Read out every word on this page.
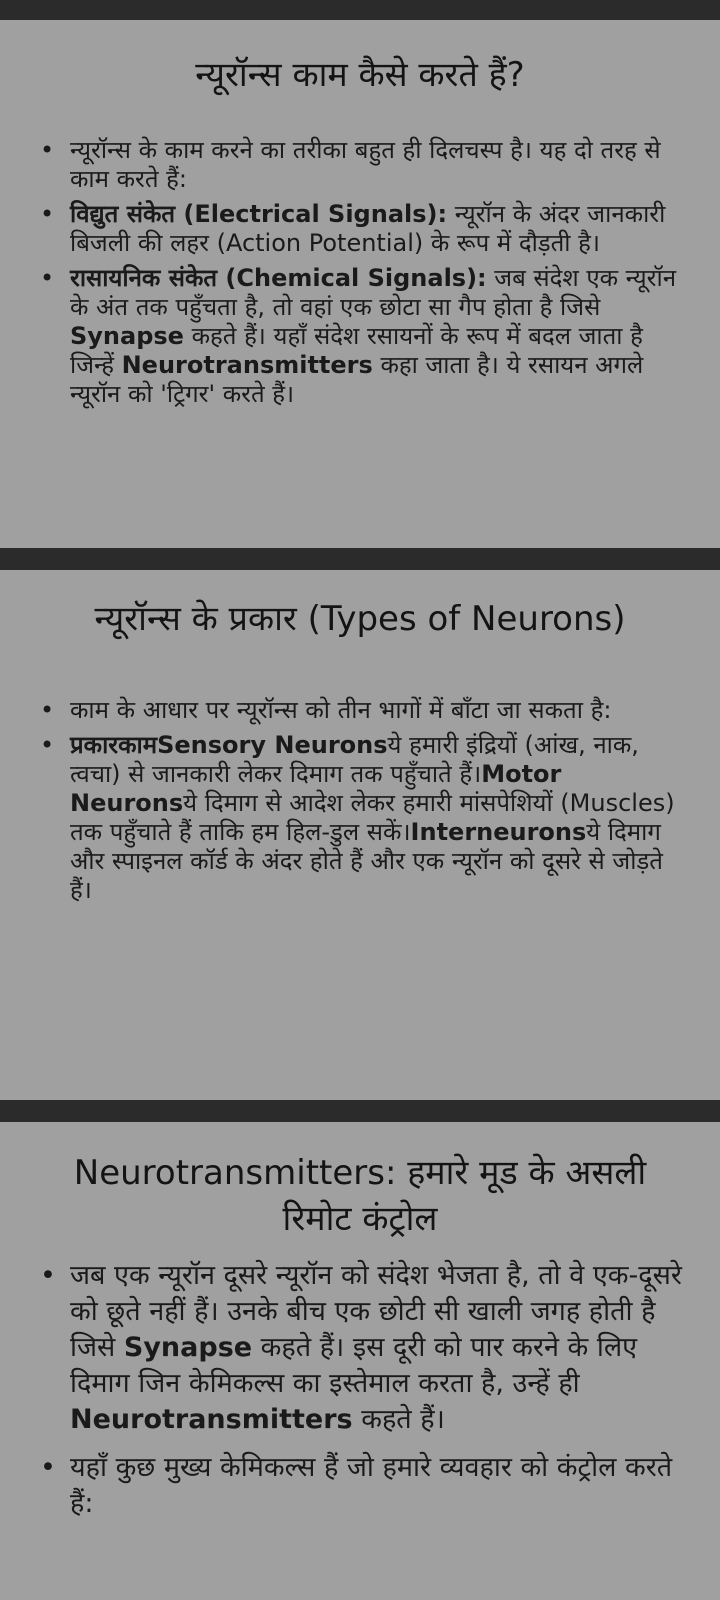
न्यूरॉन्स काम कैसे करते हैं?
• न्यूरॉन्स के काम करने का तरीका बहुत ही दिलचस्प है। यह दो तरह से काम करते हैं:
• विद्युत संकेत (Electrical Signals): न्यूरॉन के अंदर जानकारी बिजली की लहर (Action Potential) के रूप में दौड़ती है।
• रासायनिक संकेत (Chemical Signals): जब संदेश एक न्यूरॉन के अंत तक पहुँचता है, तो वहां एक छोटा सा गैप होता है जिसे Synapse कहते हैं। यहाँ संदेश रसायनों के रूप में बदल जाता है जिन्हें Neurotransmitters कहा जाता है। ये रसायन अगले न्यूरॉन को 'ट्रिगर' करते हैं।
न्यूरॉन्स के प्रकार (Types of Neurons)
• काम के आधार पर न्यूरॉन्स को तीन भागों में बाँटा जा सकता है:
• प्रकारकामSensory Neuronsये हमारी इंद्रियों (आंख, नाक, त्वचा) से जानकारी लेकर दिमाग तक पहुँचाते हैं।Motor Neuronsये दिमाग से आदेश लेकर हमारी मांसपेशियों (Muscles) तक पहुँचाते हैं ताकि हम हिल-डुल सकें।Interneuronsये दिमाग और स्पाइनल कॉर्ड के अंदर होते हैं और एक न्यूरॉन को दूसरे से जोड़ते हैं।
Neurotransmitters: हमारे मूड के असली रिमोट कंट्रोल
• जब एक न्यूरॉन दूसरे न्यूरॉन को संदेश भेजता है, तो वे एक-दूसरे को छूते नहीं हैं। उनके बीच एक छोटी सी खाली जगह होती है जिसे Synapse कहते हैं। इस दूरी को पार करने के लिए दिमाग जिन केमिकल्स का इस्तेमाल करता है, उन्हें ही Neurotransmitters कहते हैं।
• यहाँ कुछ मुख्य केमिकल्स हैं जो हमारे व्यवहार को कंट्रोल करते हैं:
